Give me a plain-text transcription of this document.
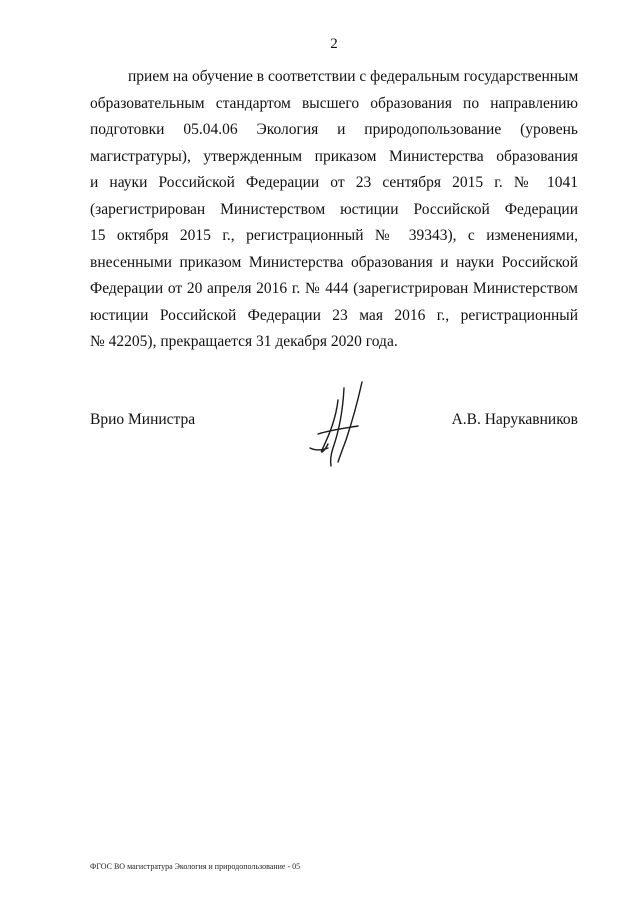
2
прием на обучение в соответствии с федеральным государственным
образовательным стандартом высшего образования по направлению
подготовки 05.04.06 Экология и природопользование (уровень
магистратуры), утвержденным приказом Министерства образования
и науки Российской Федерации от 23 сентября 2015 г. № 1041
(зарегистрирован Министерством юстиции Российской Федерации
15 октября 2015 г., регистрационный № 39343), с изменениями,
внесенными приказом Министерства образования и науки Российской
Федерации от 20 апреля 2016 г. № 444 (зарегистрирован Министерством
юстиции Российской Федерации 23 мая 2016 г., регистрационный
№ 42205), прекращается 31 декабря 2020 года.
Врио Министра	А.В. Нарукавников
ФГОС ВО магистратура Экология и природопользование - 05
